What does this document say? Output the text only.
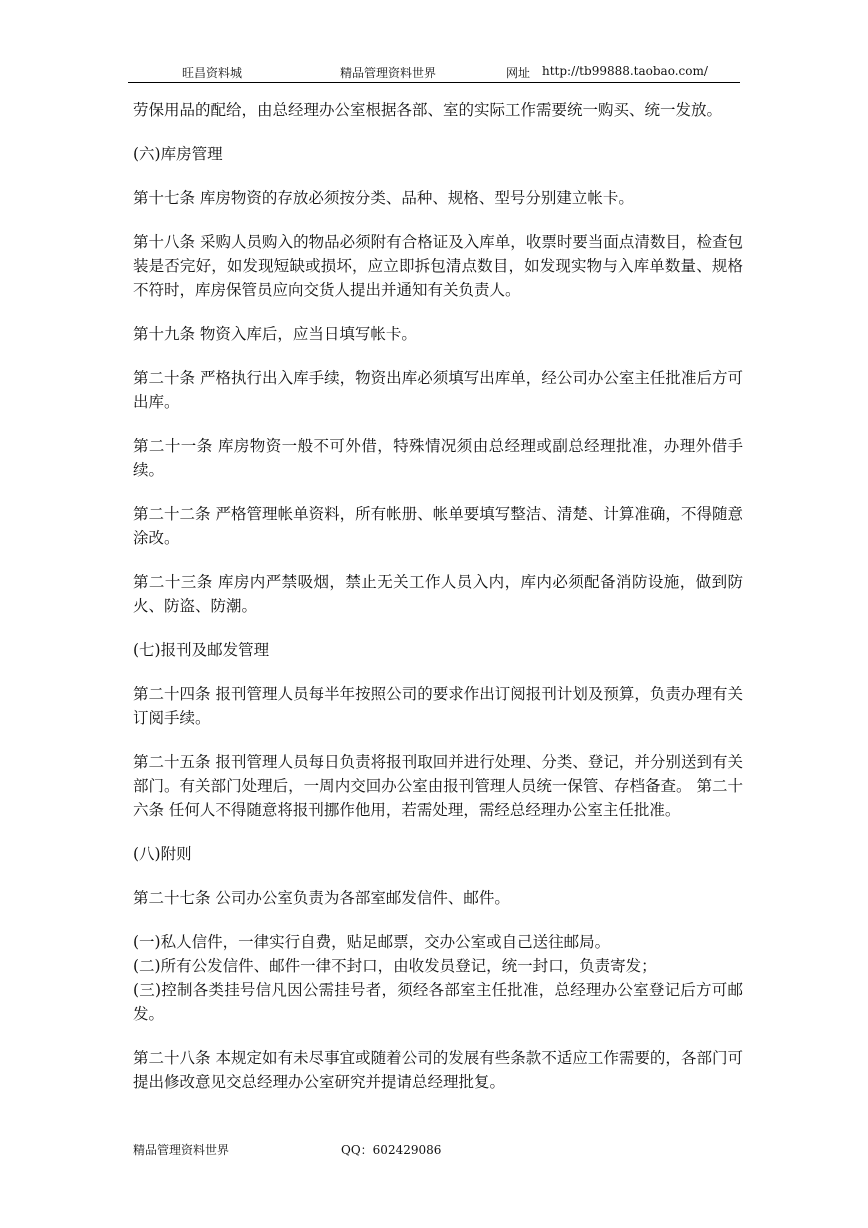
旺昌资料城	精品管理资料世界	网址 http://tb99888.taobao.com/

劳保用品的配给，由总经理办公室根据各部、室的实际工作需要统一购买、统一发放。

(六)库房管理

第十七条 库房物资的存放必须按分类、品种、规格、型号分别建立帐卡。

第十八条 采购人员购入的物品必须附有合格证及入库单，收票时要当面点清数目，检查包装是否完好，如发现短缺或损坏，应立即拆包清点数目，如发现实物与入库单数量、规格不符时，库房保管员应向交货人提出并通知有关负责人。

第十九条 物资入库后，应当日填写帐卡。

第二十条 严格执行出入库手续，物资出库必须填写出库单，经公司办公室主任批准后方可出库。

第二十一条 库房物资一般不可外借，特殊情况须由总经理或副总经理批准，办理外借手续。

第二十二条 严格管理帐单资料，所有帐册、帐单要填写整洁、清楚、计算准确，不得随意涂改。

第二十三条 库房内严禁吸烟，禁止无关工作人员入内，库内必须配备消防设施，做到防火、防盗、防潮。

(七)报刊及邮发管理

第二十四条 报刊管理人员每半年按照公司的要求作出订阅报刊计划及预算，负责办理有关订阅手续。

第二十五条 报刊管理人员每日负责将报刊取回并进行处理、分类、登记，并分别送到有关部门。有关部门处理后，一周内交回办公室由报刊管理人员统一保管、存档备查。 第二十六条 任何人不得随意将报刊挪作他用，若需处理，需经总经理办公室主任批准。

(八)附则

第二十七条 公司办公室负责为各部室邮发信件、邮件。

(一)私人信件，一律实行自费，贴足邮票，交办公室或自己送往邮局。

(二)所有公发信件、邮件一律不封口，由收发员登记，统一封口，负责寄发；

(三)控制各类挂号信凡因公需挂号者，须经各部室主任批准，总经理办公室登记后方可邮发。

第二十八条 本规定如有未尽事宜或随着公司的发展有些条款不适应工作需要的，各部门可提出修改意见交总经理办公室研究并提请总经理批复。

精品管理资料世界	QQ：602429086
